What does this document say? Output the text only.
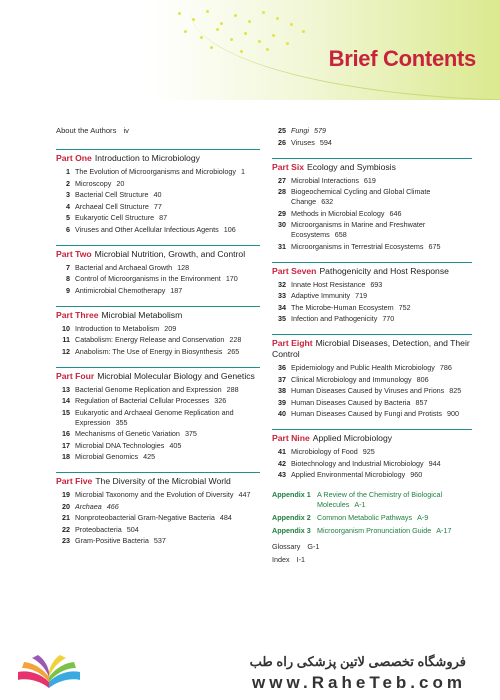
Brief Contents
About the Authors iv
Part One Introduction to Microbiology
1 The Evolution of Microorganisms and Microbiology 1
2 Microscopy 20
3 Bacterial Cell Structure 40
4 Archaeal Cell Structure 77
5 Eukaryotic Cell Structure 87
6 Viruses and Other Acellular Infectious Agents 106
Part Two Microbial Nutrition, Growth, and Control
7 Bacterial and Archaeal Growth 128
8 Control of Microorganisms in the Environment 170
9 Antimicrobial Chemotherapy 187
Part Three Microbial Metabolism
10 Introduction to Metabolism 209
11 Catabolism: Energy Release and Conservation 228
12 Anabolism: The Use of Energy in Biosynthesis 265
Part Four Microbial Molecular Biology and Genetics
13 Bacterial Genome Replication and Expression 288
14 Regulation of Bacterial Cellular Processes 326
15 Eukaryotic and Archaeal Genome Replication and Expression 355
16 Mechanisms of Genetic Variation 375
17 Microbial DNA Technologies 405
18 Microbial Genomics 425
Part Five The Diversity of the Microbial World
19 Microbial Taxonomy and the Evolution of Diversity 447
20 Archaea 466
21 Nonproteobacterial Gram-Negative Bacteria 484
22 Proteobacteria 504
23 Gram-Positive Bacteria 537
25 Fungi 579
26 Viruses 594
Part Six Ecology and Symbiosis
27 Microbial Interactions 619
28 Biogeochemical Cycling and Global Climate Change 632
29 Methods in Microbial Ecology 646
30 Microorganisms in Marine and Freshwater Ecosystems 658
31 Microorganisms in Terrestrial Ecosystems 675
Part Seven Pathogenicity and Host Response
32 Innate Host Resistance 693
33 Adaptive Immunity 719
34 The Microbe-Human Ecosystem 752
35 Infection and Pathogenicity 770
Part Eight Microbial Diseases, Detection, and Their Control
36 Epidemiology and Public Health Microbiology 786
37 Clinical Microbiology and Immunology 806
38 Human Diseases Caused by Viruses and Prions 825
39 Human Diseases Caused by Bacteria 857
40 Human Diseases Caused by Fungi and Protists 900
Part Nine Applied Microbiology
41 Microbiology of Food 925
42 Biotechnology and Industrial Microbiology 944
43 Applied Environmental Microbiology 960
Appendix 1 A Review of the Chemistry of Biological Molecules A-1
Appendix 2 Common Metabolic Pathways A-9
Appendix 3 Microorganism Pronunciation Guide A-17
Glossary G-1
Index I-1
فروشگاه تخصصی لاتین پزشکی راه طب
www.RaheTeb.com
